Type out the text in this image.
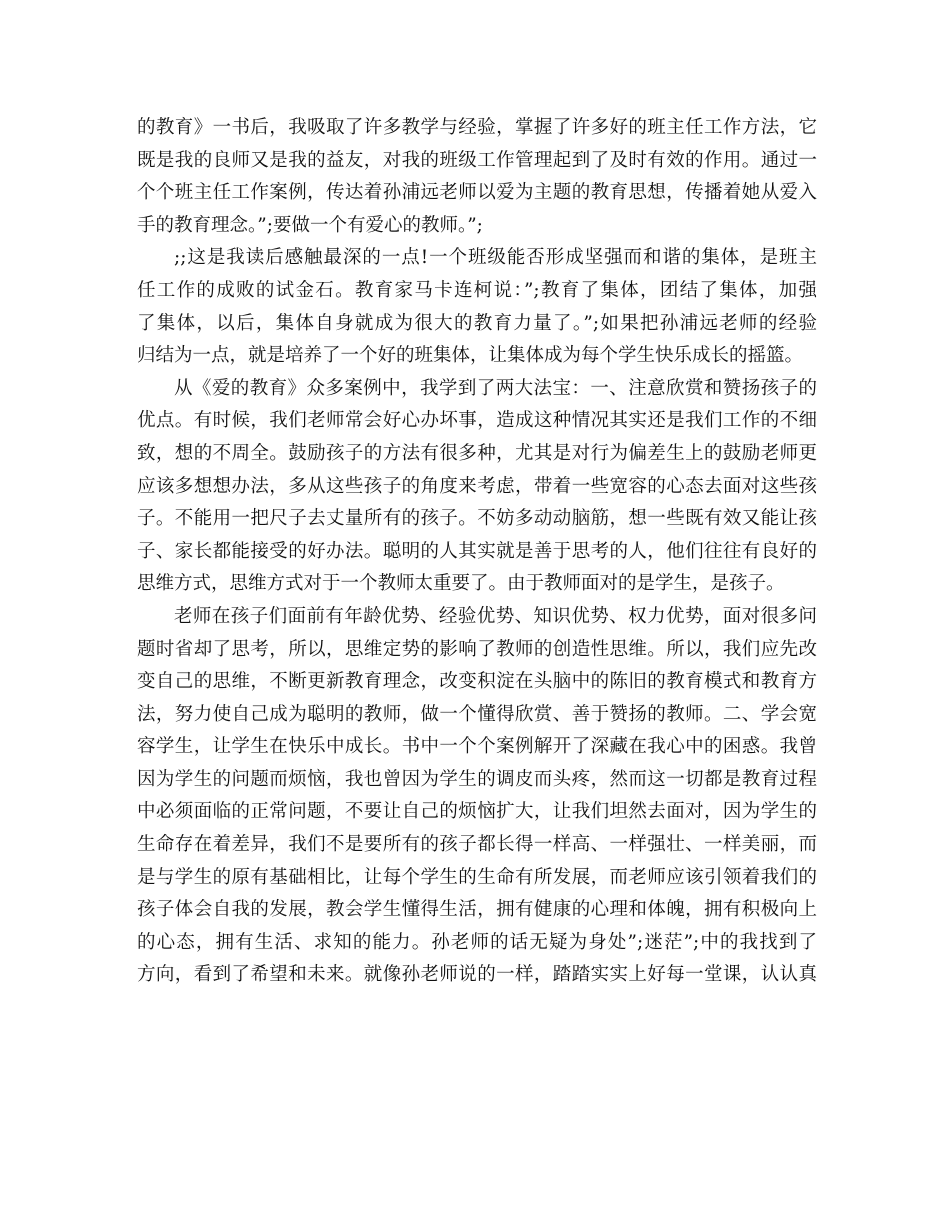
的教育》一书后，我吸取了许多教学与经验，掌握了许多好的班主任工作方法，它
既是我的良师又是我的益友，对我的班级工作管理起到了及时有效的作用。通过一
个个班主任工作案例，传达着孙浦远老师以爱为主题的教育思想，传播着她从爱入
手的教育理念。”;要做一个有爱心的教师。”;
;;这是我读后感触最深的一点!一个班级能否形成坚强而和谐的集体，是班主
任工作的成败的试金石。教育家马卡连柯说：”;教育了集体，团结了集体，加强
了集体，以后，集体自身就成为很大的教育力量了。”;如果把孙浦远老师的经验
归结为一点，就是培养了一个好的班集体，让集体成为每个学生快乐成长的摇篮。
从《爱的教育》众多案例中，我学到了两大法宝：一、注意欣赏和赞扬孩子的
优点。有时候，我们老师常会好心办坏事，造成这种情况其实还是我们工作的不细
致，想的不周全。鼓励孩子的方法有很多种，尤其是对行为偏差生上的鼓励老师更
应该多想想办法，多从这些孩子的角度来考虑，带着一些宽容的心态去面对这些孩
子。不能用一把尺子去丈量所有的孩子。不妨多动动脑筋，想一些既有效又能让孩
子、家长都能接受的好办法。聪明的人其实就是善于思考的人，他们往往有良好的
思维方式，思维方式对于一个教师太重要了。由于教师面对的是学生，是孩子。
老师在孩子们面前有年龄优势、经验优势、知识优势、权力优势，面对很多问
题时省却了思考，所以，思维定势的影响了教师的创造性思维。所以，我们应先改
变自己的思维，不断更新教育理念，改变积淀在头脑中的陈旧的教育模式和教育方
法，努力使自己成为聪明的教师，做一个懂得欣赏、善于赞扬的教师。二、学会宽
容学生，让学生在快乐中成长。书中一个个案例解开了深藏在我心中的困惑。我曾
因为学生的问题而烦恼，我也曾因为学生的调皮而头疼，然而这一切都是教育过程
中必须面临的正常问题，不要让自己的烦恼扩大，让我们坦然去面对，因为学生的
生命存在着差异，我们不是要所有的孩子都长得一样高、一样强壮、一样美丽，而
是与学生的原有基础相比，让每个学生的生命有所发展，而老师应该引领着我们的
孩子体会自我的发展，教会学生懂得生活，拥有健康的心理和体魄，拥有积极向上
的心态，拥有生活、求知的能力。孙老师的话无疑为身处”;迷茫”;中的我找到了
方向，看到了希望和未来。就像孙老师说的一样，踏踏实实上好每一堂课，认认真
